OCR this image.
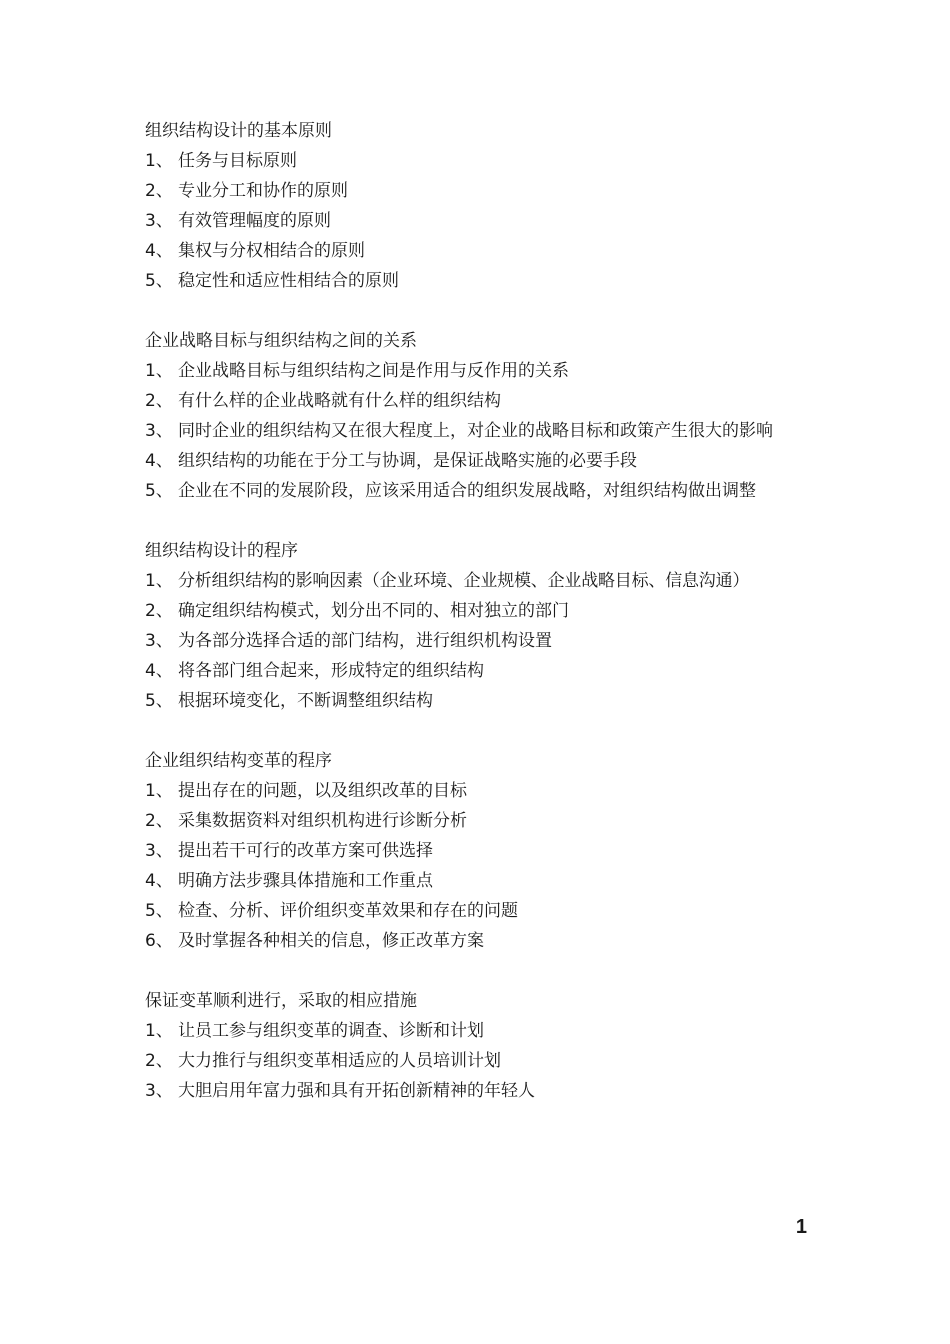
组织结构设计的基本原则
1、 任务与目标原则
2、 专业分工和协作的原则
3、 有效管理幅度的原则
4、 集权与分权相结合的原则
5、 稳定性和适应性相结合的原则
企业战略目标与组织结构之间的关系
1、 企业战略目标与组织结构之间是作用与反作用的关系
2、 有什么样的企业战略就有什么样的组织结构
3、 同时企业的组织结构又在很大程度上，对企业的战略目标和政策产生很大的影响
4、 组织结构的功能在于分工与协调，是保证战略实施的必要手段
5、 企业在不同的发展阶段，应该采用适合的组织发展战略，对组织结构做出调整
组织结构设计的程序
1、 分析组织结构的影响因素（企业环境、企业规模、企业战略目标、信息沟通）
2、 确定组织结构模式，划分出不同的、相对独立的部门
3、 为各部分选择合适的部门结构，进行组织机构设置
4、 将各部门组合起来，形成特定的组织结构
5、 根据环境变化，不断调整组织结构
企业组织结构变革的程序
1、 提出存在的问题，以及组织改革的目标
2、 采集数据资料对组织机构进行诊断分析
3、 提出若干可行的改革方案可供选择
4、 明确方法步骤具体措施和工作重点
5、 检查、分析、评价组织变革效果和存在的问题
6、 及时掌握各种相关的信息，修正改革方案
保证变革顺利进行，采取的相应措施
1、 让员工参与组织变革的调查、诊断和计划
2、 大力推行与组织变革相适应的人员培训计划
3、 大胆启用年富力强和具有开拓创新精神的年轻人
1
